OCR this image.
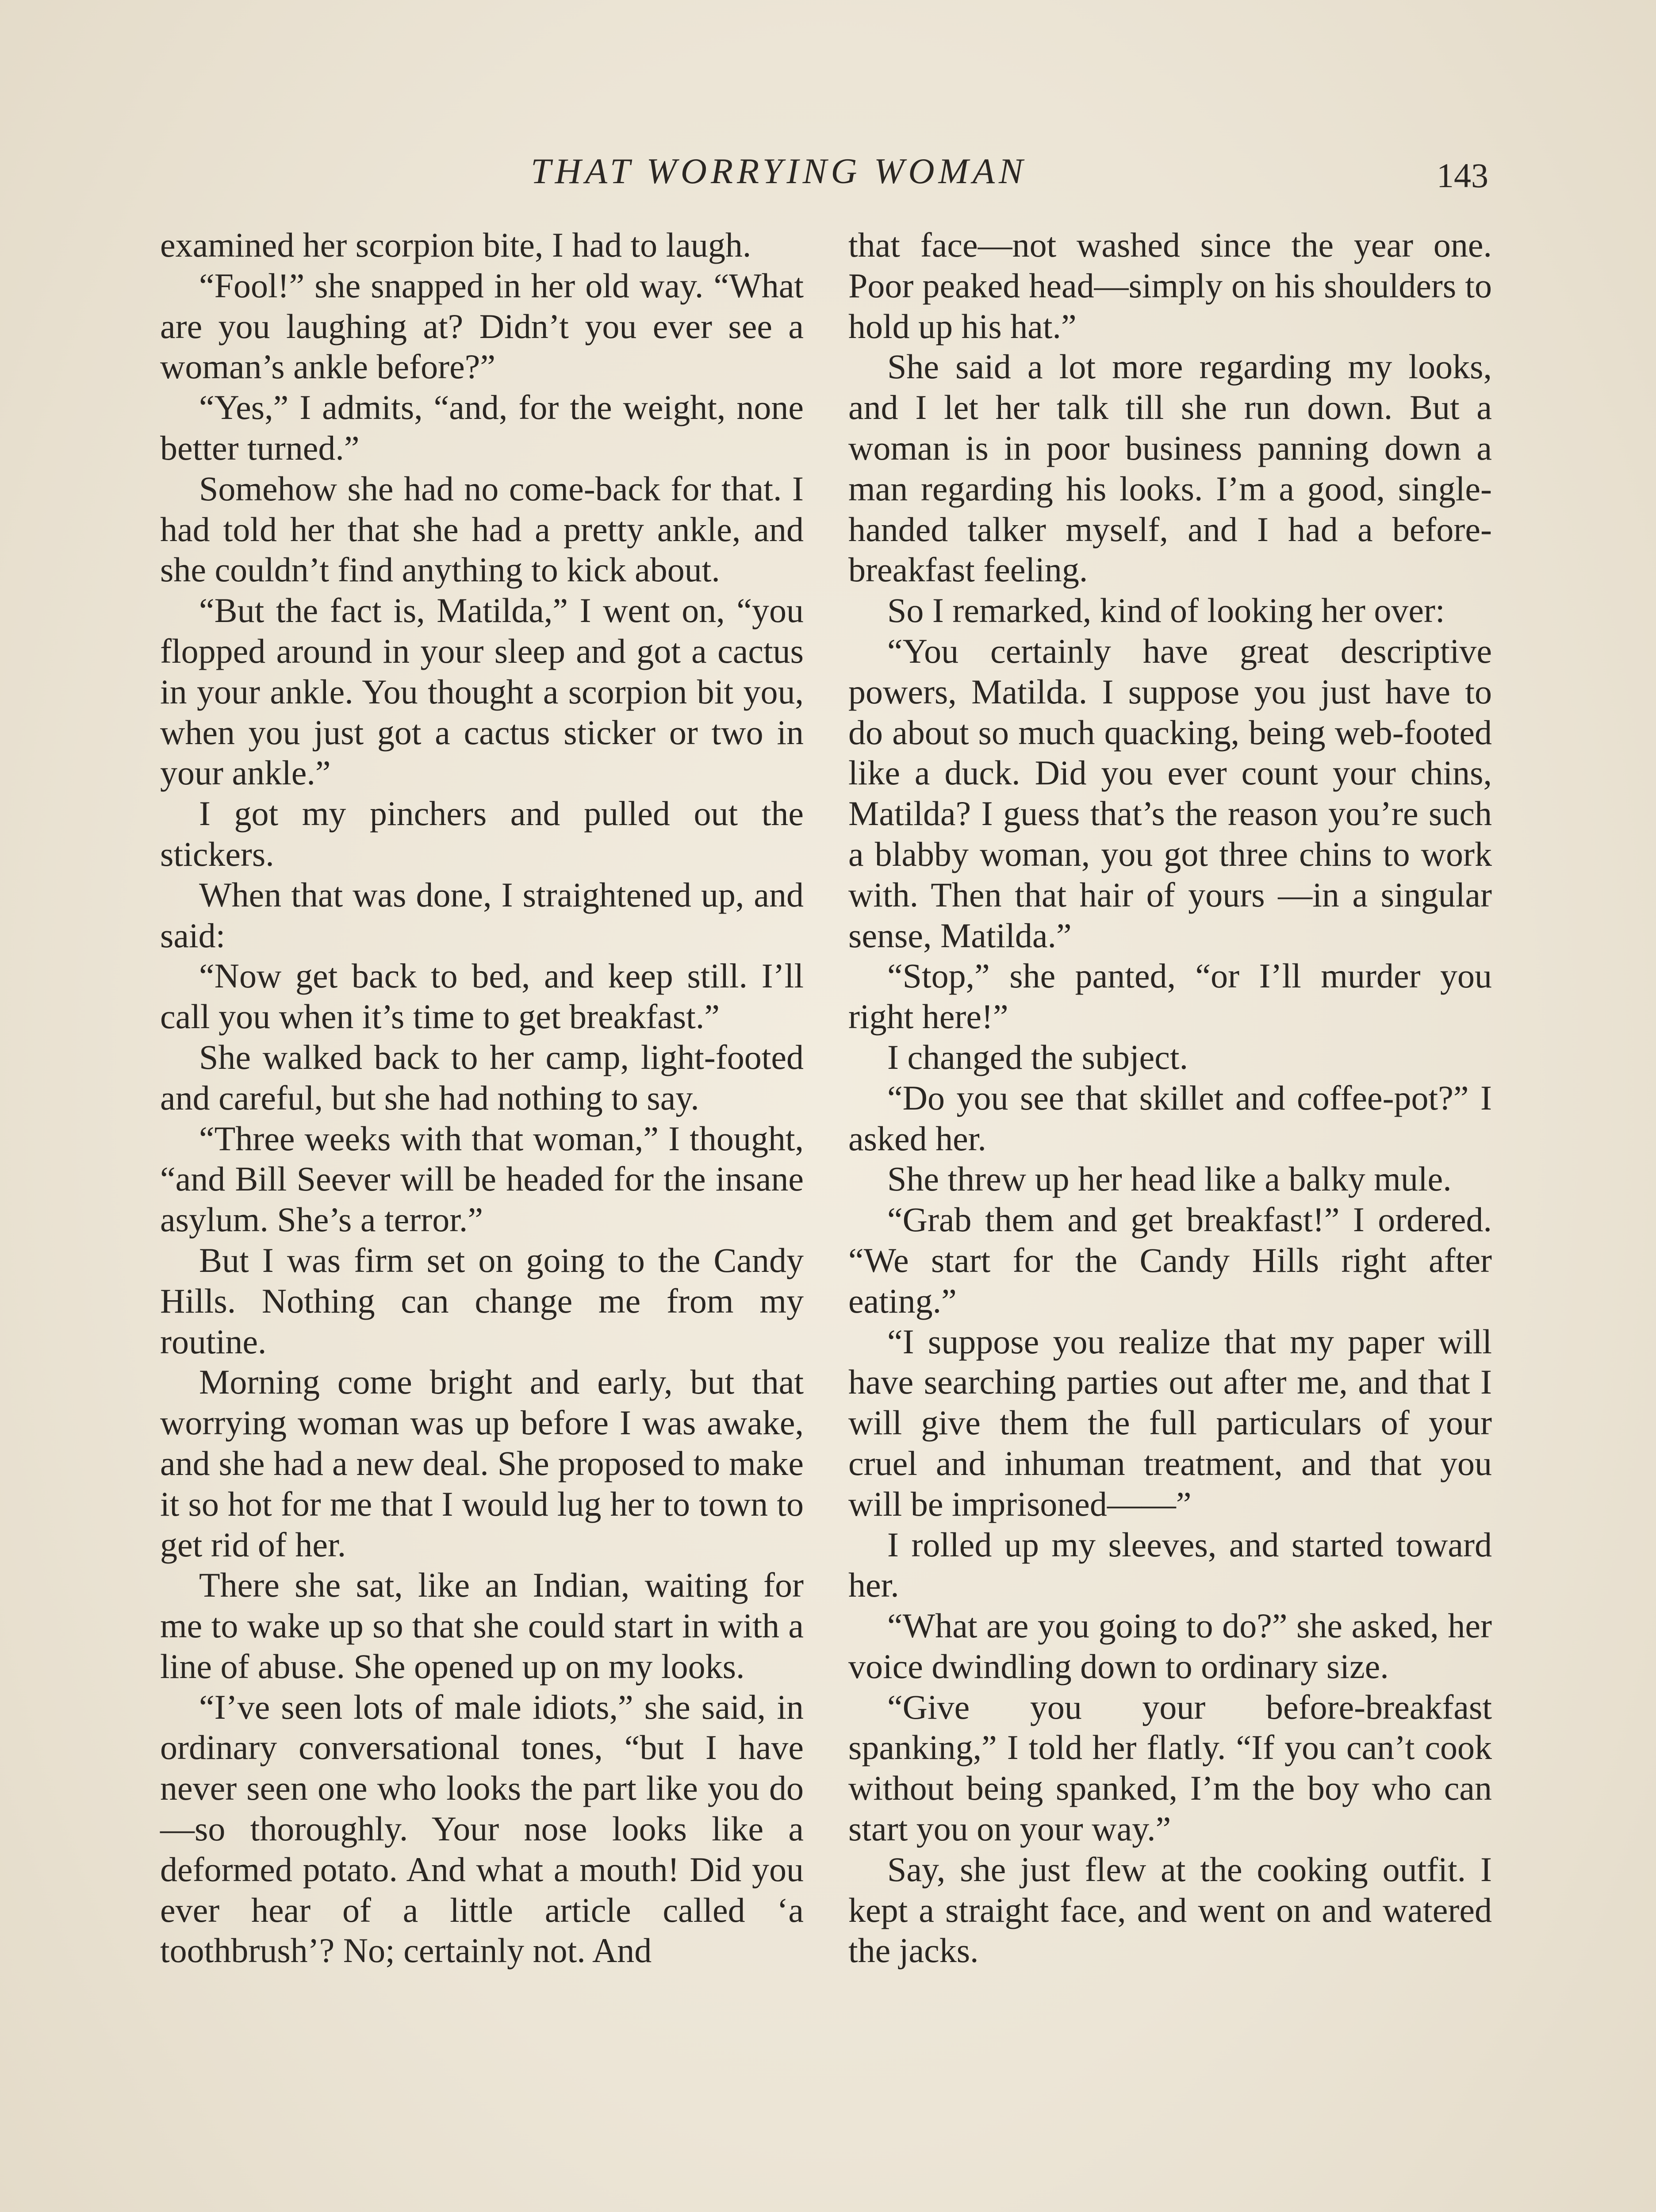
THAT WORRYING WOMAN	143

examined her scorpion bite, I had to laugh.

“Fool!” she snapped in her old way. “What are you laughing at? Didn’t you ever see a woman’s ankle before?”

“Yes,” I admits, “and, for the weight, none better turned.”

Somehow she had no come-back for that. I had told her that she had a pretty ankle, and she couldn’t find anything to kick about.

“But the fact is, Matilda,” I went on, “you flopped around in your sleep and got a cactus in your ankle. You thought a scorpion bit you, when you just got a cactus sticker or two in your ankle.”

I got my pinchers and pulled out the stickers.

When that was done, I straightened up, and said:

“Now get back to bed, and keep still. I’ll call you when it’s time to get breakfast.”

She walked back to her camp, light-footed and careful, but she had nothing to say.

“Three weeks with that woman,” I thought, “and Bill Seever will be headed for the insane asylum. She’s a terror.”

But I was firm set on going to the Candy Hills. Nothing can change me from my routine.

Morning come bright and early, but that worrying woman was up before I was awake, and she had a new deal. She proposed to make it so hot for me that I would lug her to town to get rid of her.

There she sat, like an Indian, waiting for me to wake up so that she could start in with a line of abuse. She opened up on my looks.

“I’ve seen lots of male idiots,” she said, in ordinary conversational tones, “but I have never seen one who looks the part like you do—so thoroughly. Your nose looks like a deformed potato. And what a mouth! Did you ever hear of a little article called ‘a toothbrush’? No; certainly not. And

that face—not washed since the year one. Poor peaked head—simply on his shoulders to hold up his hat.”

She said a lot more regarding my looks, and I let her talk till she run down. But a woman is in poor business panning down a man regarding his looks. I’m a good, single-handed talker myself, and I had a before-breakfast feeling.

So I remarked, kind of looking her over:

“You certainly have great descriptive powers, Matilda. I suppose you just have to do about so much quacking, being web-footed like a duck. Did you ever count your chins, Matilda? I guess that’s the reason you’re such a blabby woman, you got three chins to work with. Then that hair of yours —in a singular sense, Matilda.”

“Stop,” she panted, “or I’ll murder you right here!”

I changed the subject.

“Do you see that skillet and coffee-pot?” I asked her.

She threw up her head like a balky mule.

“Grab them and get breakfast!” I ordered. “We start for the Candy Hills right after eating.”

“I suppose you realize that my paper will have searching parties out after me, and that I will give them the full particulars of your cruel and inhuman treatment, and that you will be imprisoned——”

I rolled up my sleeves, and started toward her.

“What are you going to do?” she asked, her voice dwindling down to ordinary size.

“Give you your before-breakfast spanking,” I told her flatly. “If you can’t cook without being spanked, I’m the boy who can start you on your way.”

Say, she just flew at the cooking outfit. I kept a straight face, and went on and watered the jacks.
